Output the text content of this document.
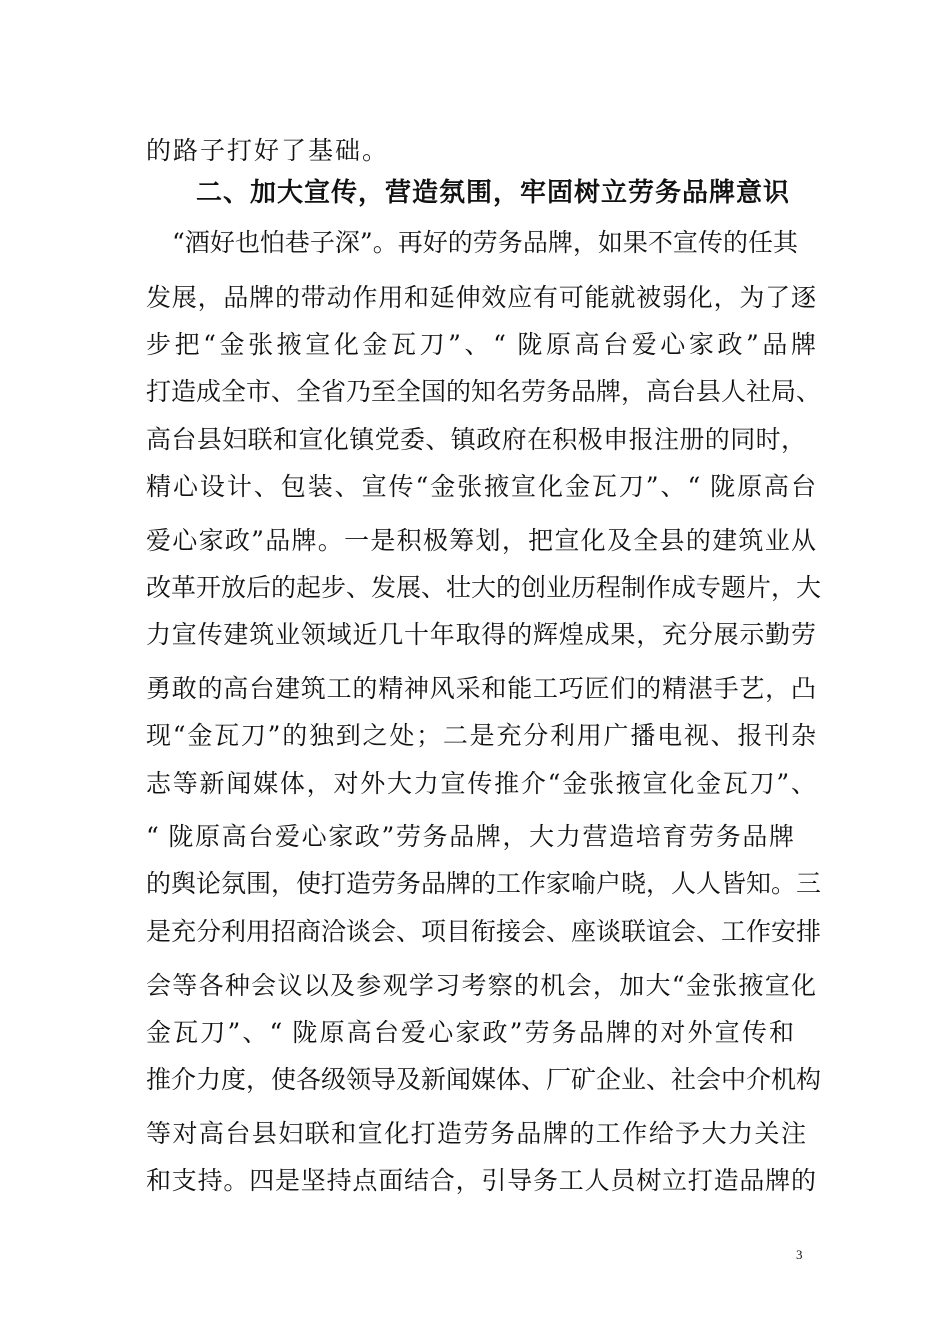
的路子打好了基础。
二、加大宣传，营造氛围，牢固树立劳务品牌意识
“酒好也怕巷子深”。再好的劳务品牌，如果不宣传的任其
发展，品牌的带动作用和延伸效应有可能就被弱化，为了逐
步把“金张掖宣化金瓦刀”、“ 陇原高台爱心家政”品牌
打造成全市、全省乃至全国的知名劳务品牌，高台县人社局、
高台县妇联和宣化镇党委、镇政府在积极申报注册的同时，
精心设计、包装、宣传“金张掖宣化金瓦刀”、“ 陇原高台
爱心家政”品牌。一是积极筹划，把宣化及全县的建筑业从
改革开放后的起步、发展、壮大的创业历程制作成专题片，大
力宣传建筑业领域近几十年取得的辉煌成果，充分展示勤劳
勇敢的高台建筑工的精神风采和能工巧匠们的精湛手艺，凸
现“金瓦刀”的独到之处；二是充分利用广播电视、报刊杂
志等新闻媒体，对外大力宣传推介“金张掖宣化金瓦刀”、
“ 陇原高台爱心家政”劳务品牌，大力营造培育劳务品牌
的舆论氛围，使打造劳务品牌的工作家喻户晓，人人皆知。三
是充分利用招商洽谈会、项目衔接会、座谈联谊会、工作安排
会等各种会议以及参观学习考察的机会，加大“金张掖宣化
金瓦刀”、“ 陇原高台爱心家政”劳务品牌的对外宣传和
推介力度，使各级领导及新闻媒体、厂矿企业、社会中介机构
等对高台县妇联和宣化打造劳务品牌的工作给予大力关注
和支持。四是坚持点面结合，引导务工人员树立打造品牌的
3
